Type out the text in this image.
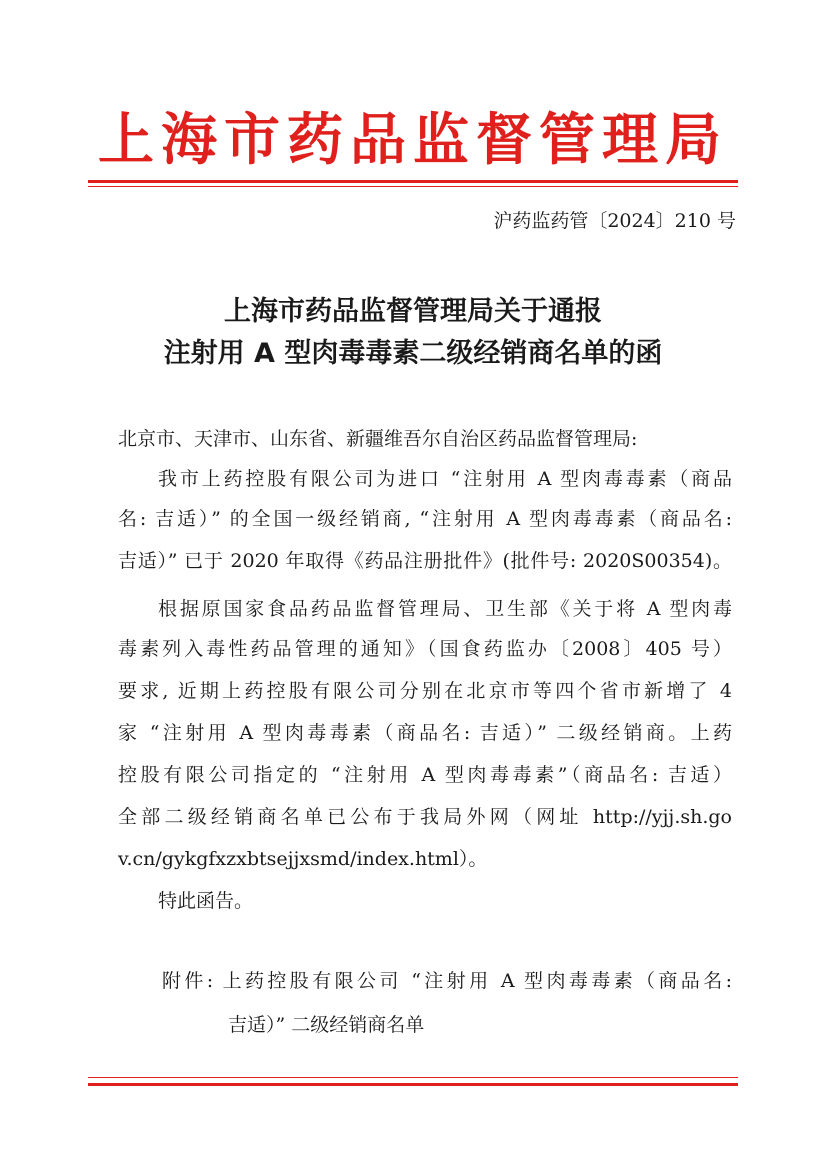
上海市药品监督管理局
沪药监药管〔2024〕210 号
上海市药品监督管理局关于通报
注射用 A 型肉毒毒素二级经销商名单的函
北京市、天津市、山东省、新疆维吾尔自治区药品监督管理局:
我市上药控股有限公司为进口 “注射用 A 型肉毒毒素（商品
名: 吉适）” 的全国一级经销商, “注射用 A 型肉毒毒素（商品名:
吉适）” 已于 2020 年取得《药品注册批件》(批件号: 2020S00354)。
根据原国家食品药品监督管理局、卫生部《关于将 A 型肉毒
毒素列入毒性药品管理的通知》（国食药监办〔2008〕405 号）
要求, 近期上药控股有限公司分别在北京市等四个省市新增了 4
家 “注射用 A 型肉毒毒素（商品名: 吉适）” 二级经销商。上药
控股有限公司指定的 “注射用 A 型肉毒毒素”（商品名: 吉适）
全部二级经销商名单已公布于我局外网（网址 http://yjj.sh.go
v.cn/gykgfxzxbtsejjxsmd/index.html）。
特此函告。
附件: 上药控股有限公司 “注射用 A 型肉毒毒素（商品名:
吉适）” 二级经销商名单
